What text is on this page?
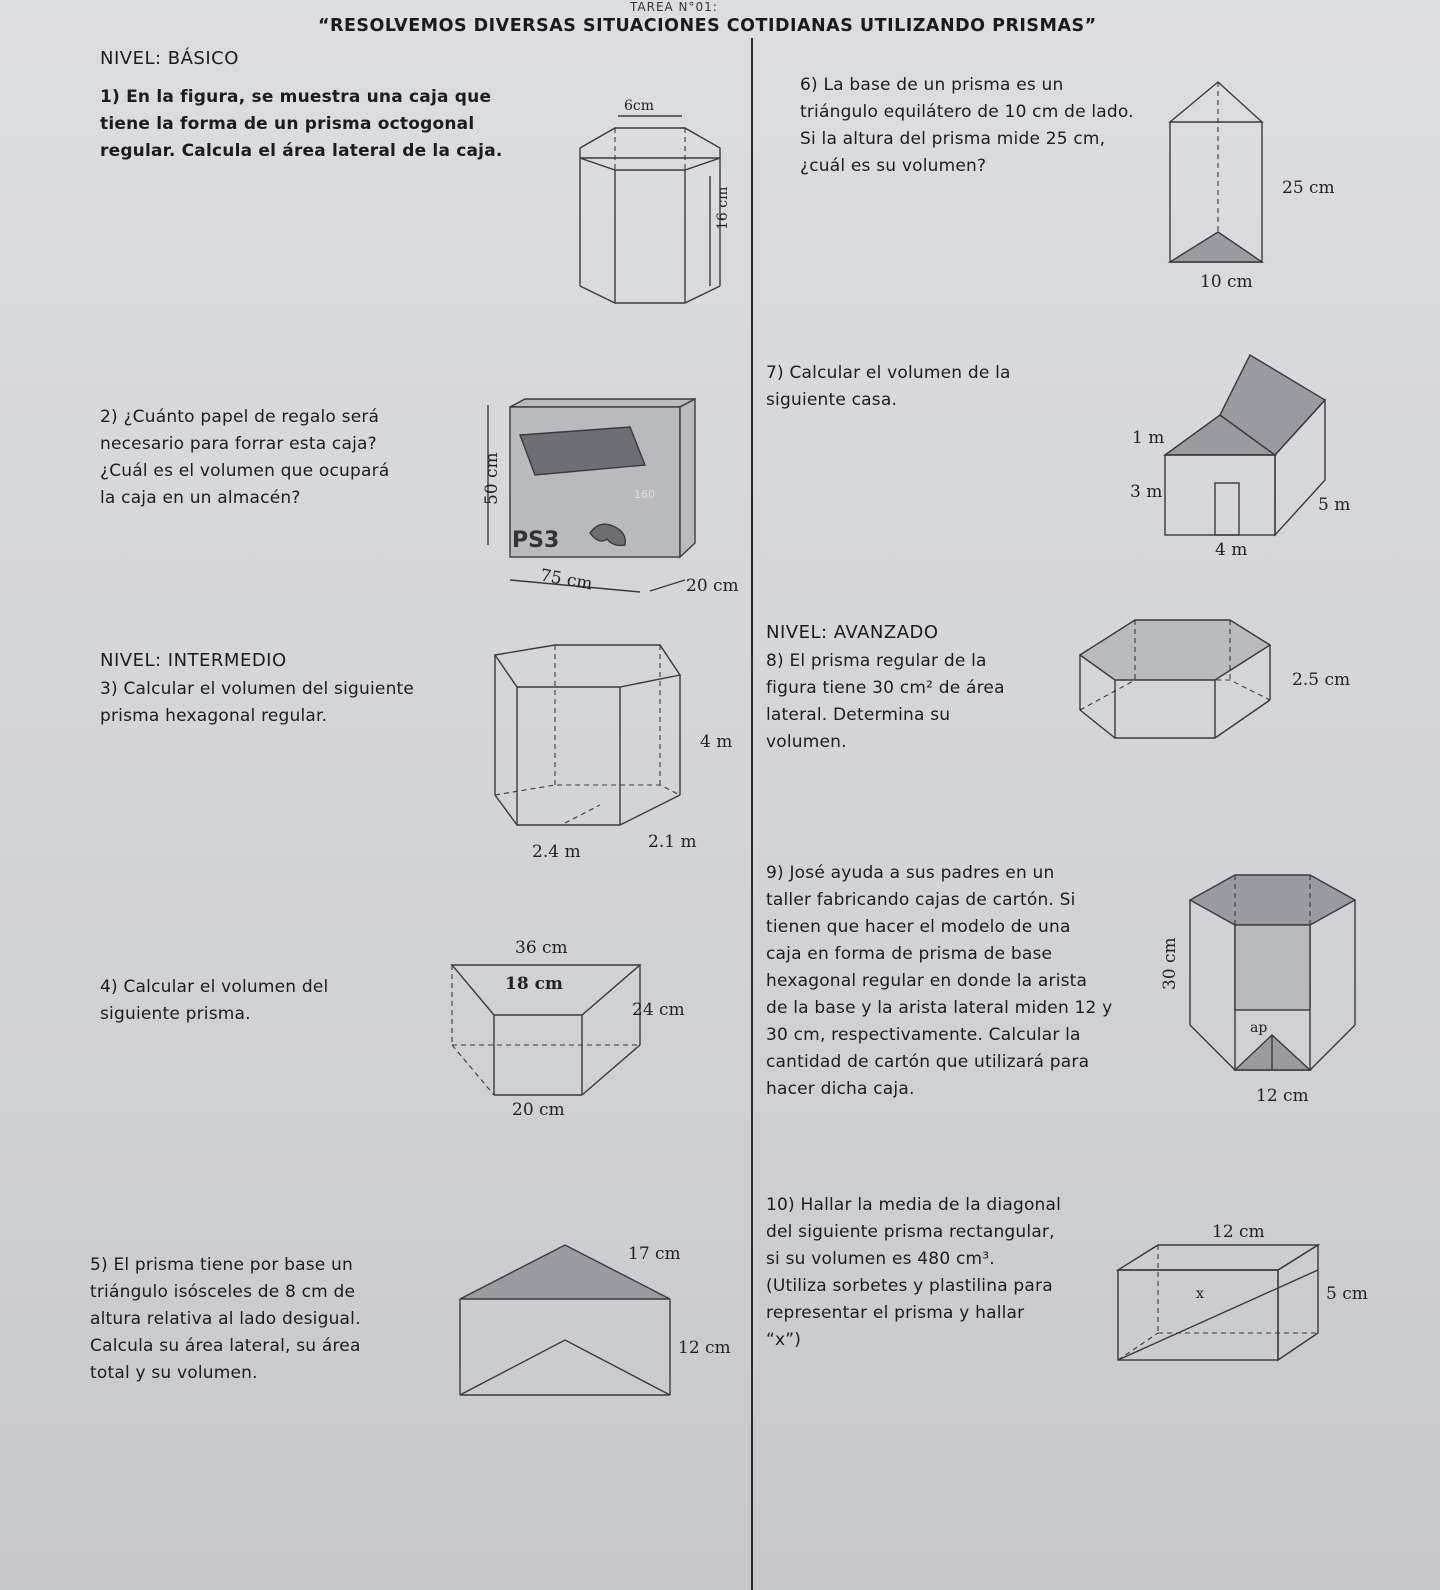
TAREA N°01:
“RESOLVEMOS DIVERSAS SITUACIONES COTIDIANAS UTILIZANDO PRISMAS”
NIVEL: BÁSICO
1) En la figura, se muestra una caja que
tiene la forma de un prisma octogonal
regular. Calcula el área lateral de la caja.
6cm
16 cm
2) ¿Cuánto papel de regalo será
necesario para forrar esta caja?
¿Cuál es el volumen que ocupará
la caja en un almacén?	50 cm
PS3
160
75 cm	20 cm
NIVEL: INTERMEDIO
3) Calcular el volumen del siguiente
prisma hexagonal regular.
4 m
2.4 m	2.1 m
4) Calcular el volumen del
siguiente prisma.
36 cm
18 cm
24 cm
20 cm
5) El prisma tiene por base un
triángulo isósceles de 8 cm de
altura relativa al lado desigual.
Calcula su área lateral, su área
total y su volumen.
17 cm
12 cm
6) La base de un prisma es un
triángulo equilátero de 10 cm de lado.
Si la altura del prisma mide 25 cm,
¿cuál es su volumen?
25 cm
10 cm
7) Calcular el volumen de la
siguiente casa.
1 m
3 m
5 m
4 m
NIVEL: AVANZADO
8) El prisma regular de la
figura tiene 30 cm² de área
lateral. Determina su
volumen.
2.5 cm
9) José ayuda a sus padres en un
taller fabricando cajas de cartón. Si
tienen que hacer el modelo de una
caja en forma de prisma de base
hexagonal regular en donde la arista
de la base y la arista lateral miden 12 y
30 cm, respectivamente. Calcular la
cantidad de cartón que utilizará para
hacer dicha caja.
30 cm
ap
12 cm
10) Hallar la media de la diagonal
del siguiente prisma rectangular,
si su volumen es 480 cm³.
(Utiliza sorbetes y plastilina para
representar el prisma y hallar
“x”)
12 cm
5 cm
x
